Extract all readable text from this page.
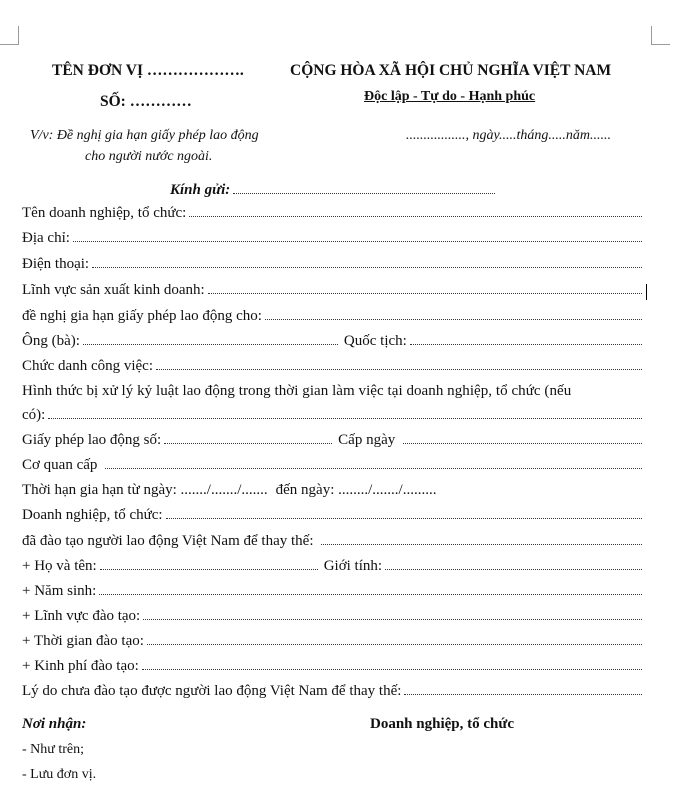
TÊN ĐƠN VỊ ……………….
SỐ: …………
V/v: Đề nghị gia hạn giấy phép lao động
cho người nước ngoài.
CỘNG HÒA XÃ HỘI CHỦ NGHĨA VIỆT NAM
Độc lập - Tự do - Hạnh phúc
................., ngày.....tháng.....năm......
Kính gửi:
Tên doanh nghiệp, tổ chức:
Địa chỉ:
Điện thoại:
Lĩnh vực sản xuất kinh doanh:
đề nghị gia hạn giấy phép lao động cho:
Ông (bà):	Quốc tịch:
Chức danh công việc:
Hình thức bị xử lý kỷ luật lao động trong thời gian làm việc tại doanh nghiệp, tổ chức (nếu
có):
Giấy phép lao động số:	Cấp ngày
Cơ quan cấp
Thời hạn gia hạn từ ngày: ......./......./....... đến ngày: ......../......./.........
Doanh nghiệp, tổ chức:
đã đào tạo người lao động Việt Nam để thay thế:
+ Họ và tên:	Giới tính:
+ Năm sinh:
+ Lĩnh vực đào tạo:
+ Thời gian đào tạo:
+ Kinh phí đào tạo:
Lý do chưa đào tạo được người lao động Việt Nam để thay thế:
Nơi nhận:	Doanh nghiệp, tổ chức
- Như trên;
- Lưu đơn vị.
